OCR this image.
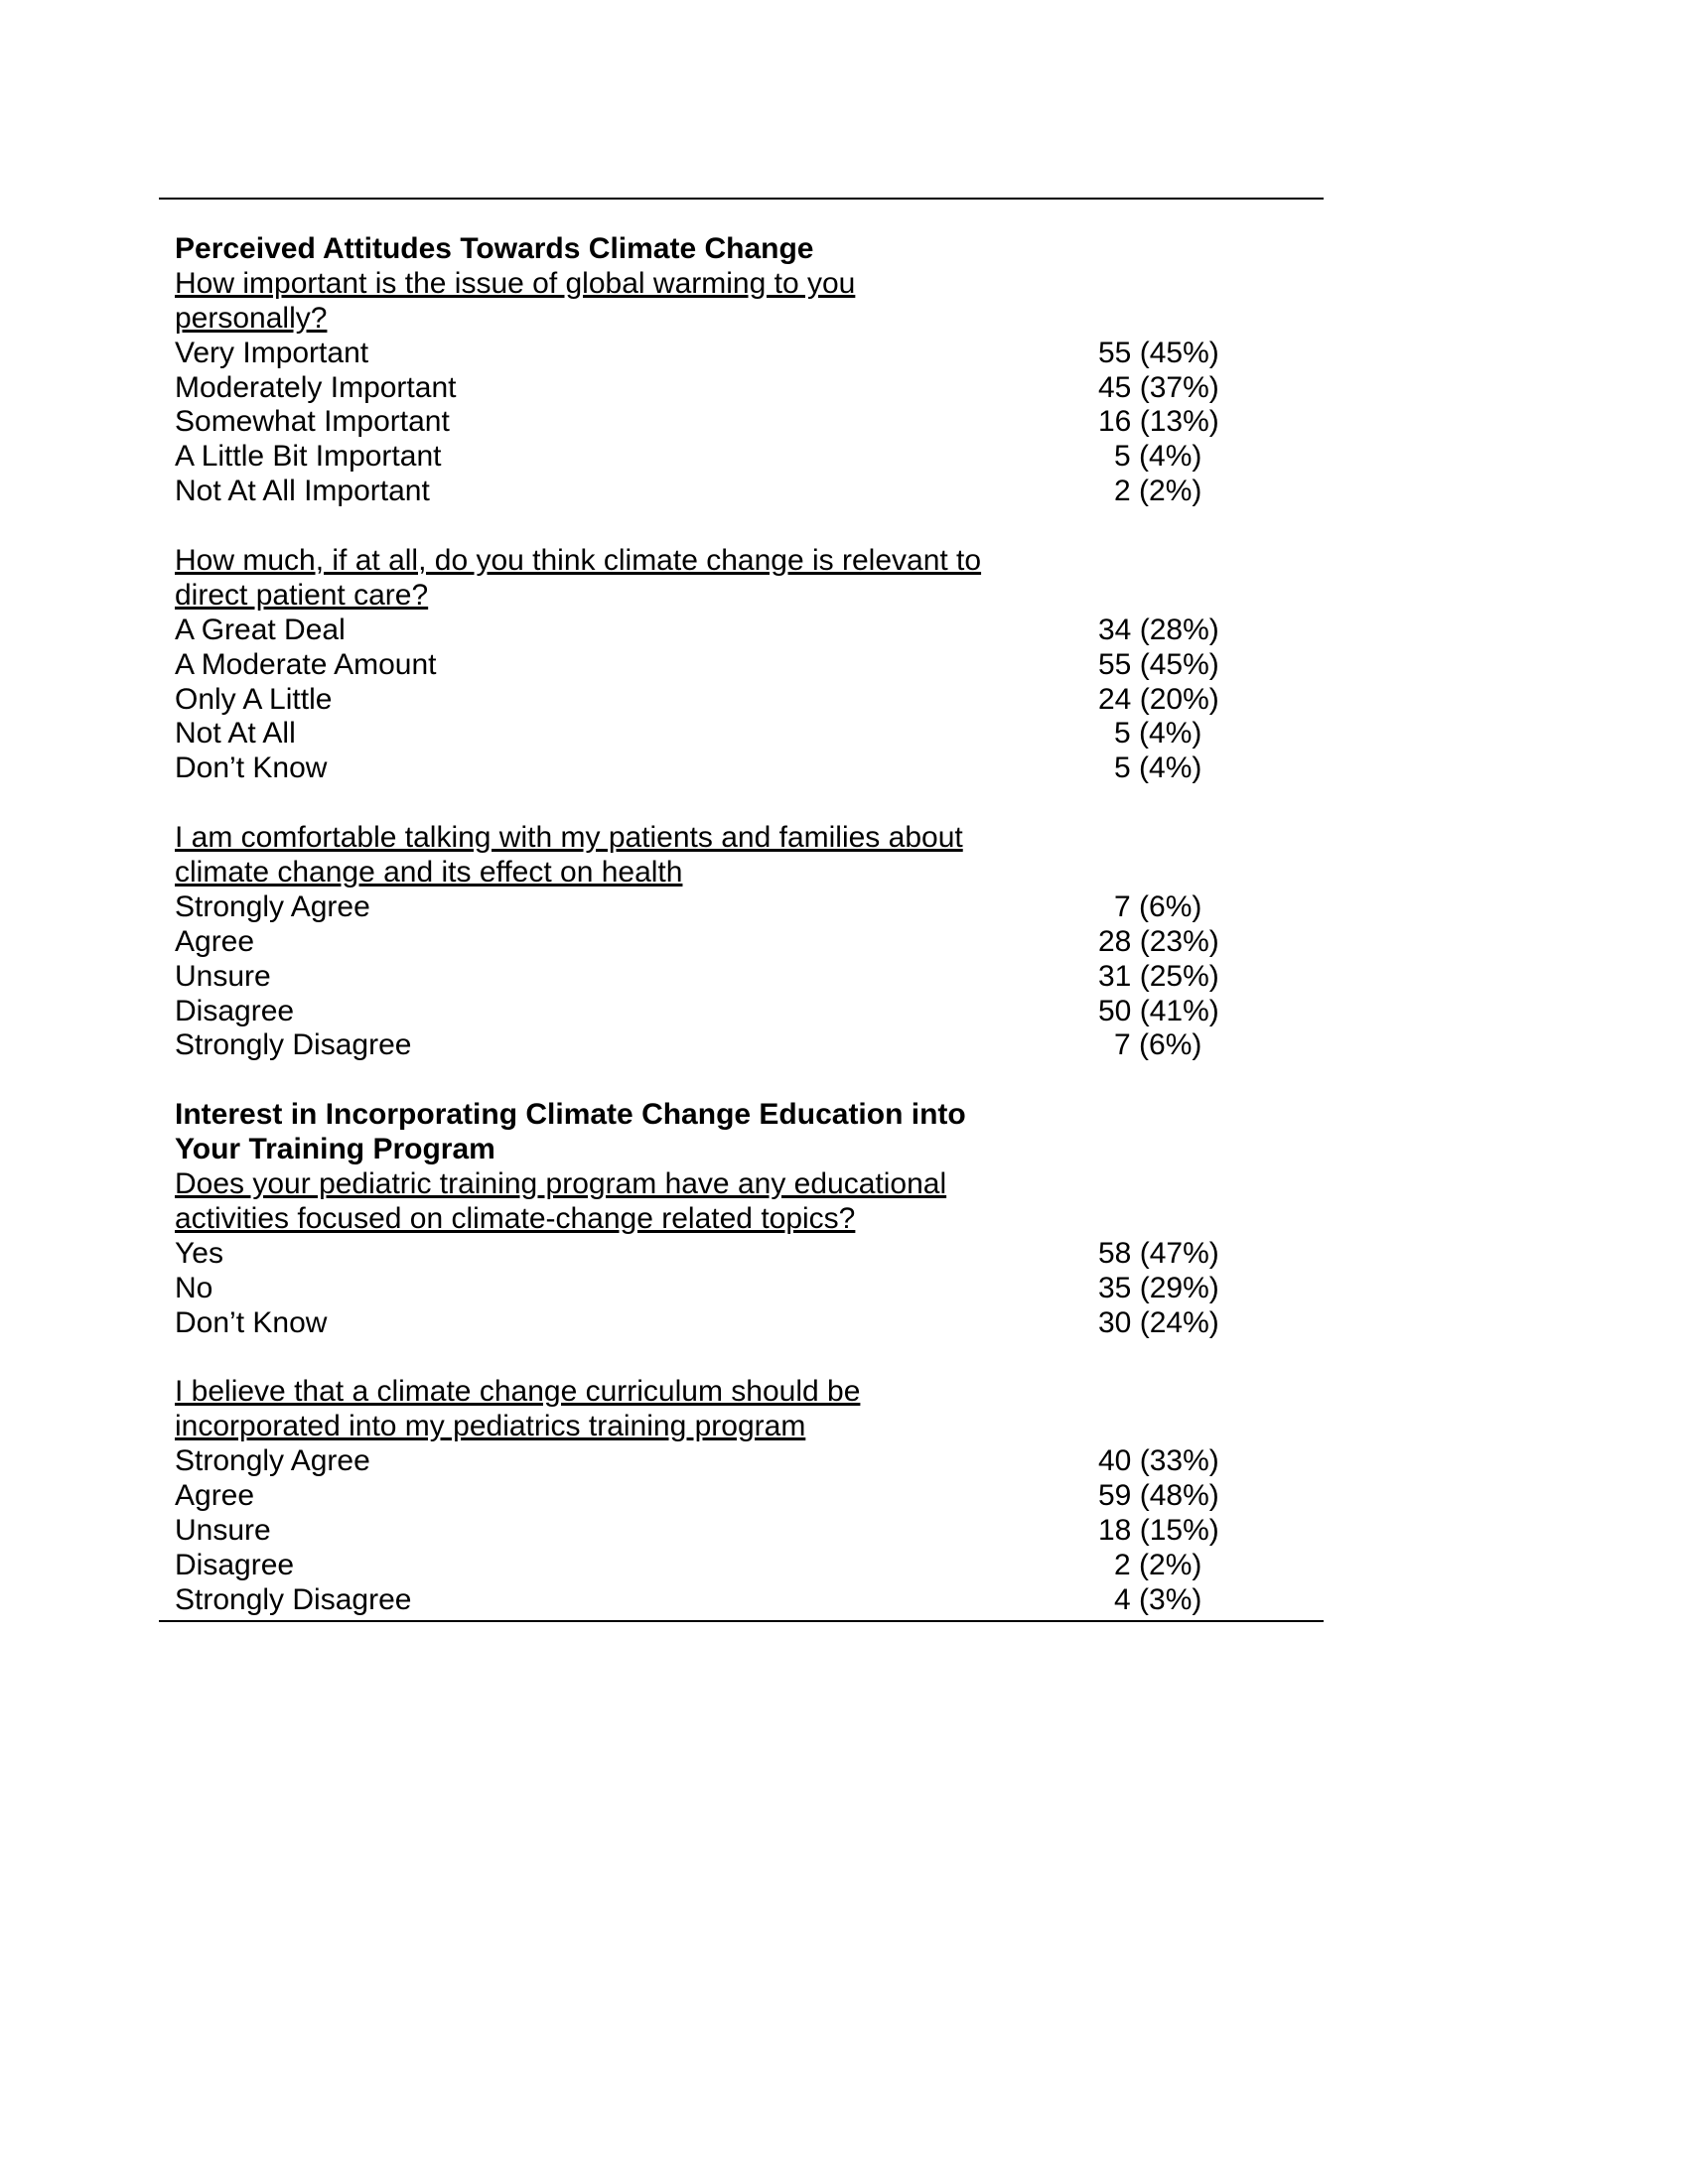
Perceived Attitudes Towards Climate Change
How important is the issue of global warming to you
personally?
Very Important	55 (45%)
Moderately Important	45 (37%)
Somewhat Important	16 (13%)
A Little Bit Important	5 (4%)
Not At All Important	2 (2%)
How much, if at all, do you think climate change is relevant to
direct patient care?
A Great Deal	34 (28%)
A Moderate Amount	55 (45%)
Only A Little	24 (20%)
Not At All	5 (4%)
Don’t Know	5 (4%)
I am comfortable talking with my patients and families about
climate change and its effect on health
Strongly Agree	7 (6%)
Agree	28 (23%)
Unsure	31 (25%)
Disagree	50 (41%)
Strongly Disagree	7 (6%)
Interest in Incorporating Climate Change Education into
Your Training Program
Does your pediatric training program have any educational
activities focused on climate-change related topics?
Yes	58 (47%)
No	35 (29%)
Don’t Know	30 (24%)
I believe that a climate change curriculum should be
incorporated into my pediatrics training program
Strongly Agree	40 (33%)
Agree	59 (48%)
Unsure	18 (15%)
Disagree	2 (2%)
Strongly Disagree	4 (3%)
